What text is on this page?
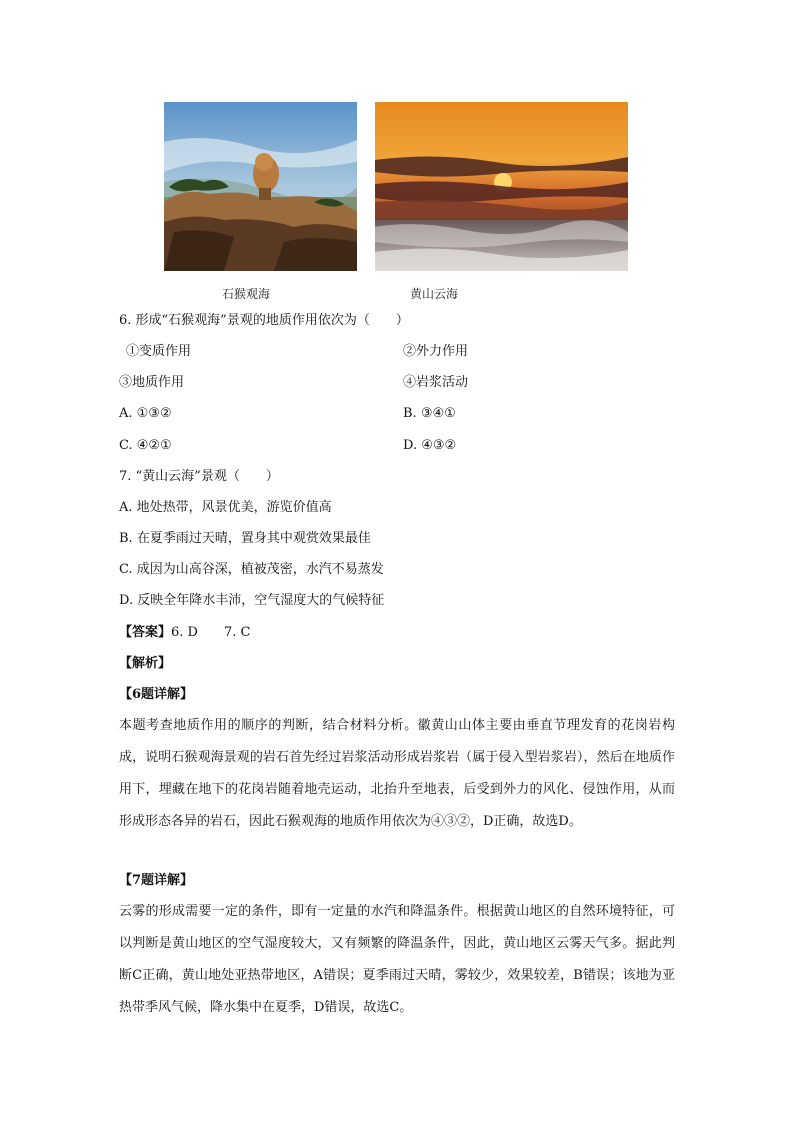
石猴观海	黄山云海
6. 形成“石猴观海”景观的地质作用依次为（　　）
①变质作用	②外力作用
③地质作用	④岩浆活动
A. ①③②	B. ③④①
C. ④②①	D. ④③②
7. “黄山云海”景观（　　）
A. 地处热带，风景优美，游览价值高
B. 在夏季雨过天晴，置身其中观赏效果最佳
C. 成因为山高谷深，植被茂密，水汽不易蒸发
D. 反映全年降水丰沛，空气湿度大的气候特征
【答案】6. D　　7. C
【解析】
【6题详解】
本题考查地质作用的顺序的判断，结合材料分析。徽黄山山体主要由垂直节理发育的花岗岩构成，说明石猴观海景观的岩石首先经过岩浆活动形成岩浆岩（属于侵入型岩浆岩），然后在地质作用下，埋藏在地下的花岗岩随着地壳运动，北抬升至地表，后受到外力的风化、侵蚀作用，从而形成形态各异的岩石，因此石猴观海的地质作用依次为④③②，D正确，故选D。
【7题详解】
云雾的形成需要一定的条件，即有一定量的水汽和降温条件。根据黄山地区的自然环境特征，可以判断是黄山地区的空气湿度较大，又有频繁的降温条件，因此，黄山地区云雾天气多。据此判断C正确，黄山地处亚热带地区，A错误；夏季雨过天晴，雾较少，效果较差，B错误；该地为亚热带季风气候，降水集中在夏季，D错误，故选C。
